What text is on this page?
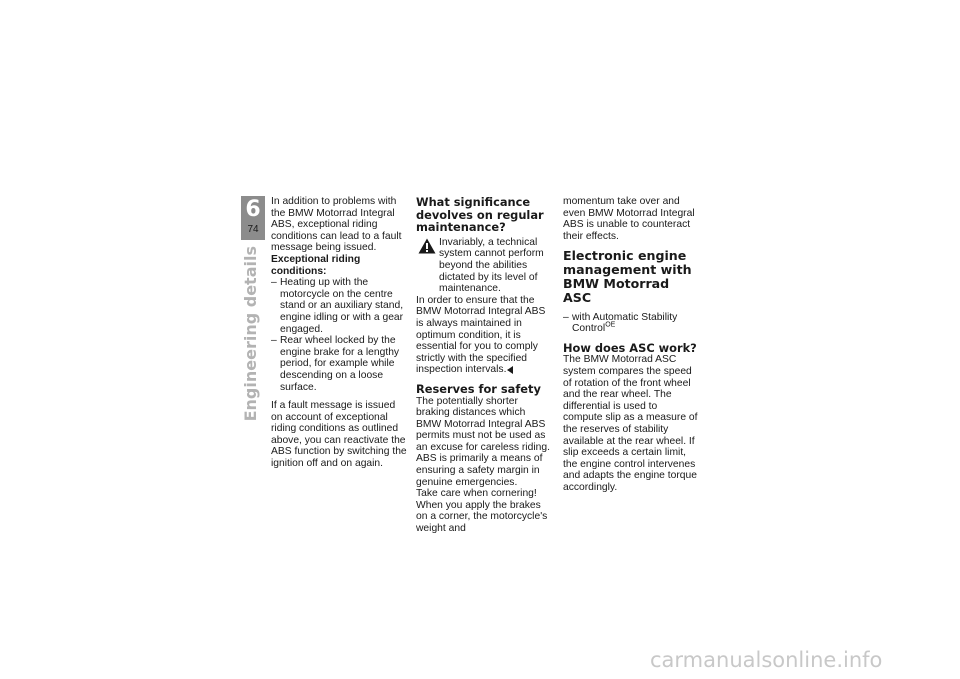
6
74
Engineering details

In addition to problems with the BMW Motorrad Integral ABS, exceptional riding conditions can lead to a fault message being issued.

Exceptional riding conditions:

– Heating up with the motorcycle on the centre stand or an auxiliary stand, engine idling or with a gear engaged.
– Rear wheel locked by the engine brake for a lengthy period, for example while descending on a loose surface.

If a fault message is issued on account of exceptional riding conditions as outlined above, you can reactivate the ABS function by switching the ignition off and on again.

What significance devolves on regular maintenance?
Invariably, a technical system cannot perform beyond the abilities dictated by its level of maintenance.

In order to ensure that the BMW Motorrad Integral ABS is always maintained in optimum condition, it is essential for you to comply strictly with the specified inspection intervals.

Reserves for safety

The potentially shorter braking distances which BMW Motorrad Integral ABS permits must not be used as an excuse for careless riding. ABS is primarily a means of ensuring a safety margin in genuine emergencies.

Take care when cornering! When you apply the brakes on a corner, the motorcycle's weight and

momentum take over and even BMW Motorrad Integral ABS is unable to counteract their effects.

Electronic engine management with BMW Motorrad ASC
– with Automatic Stability Control$^{OE}$
How does ASC work?

The BMW Motorrad ASC system compares the speed of rotation of the front wheel and the rear wheel. The differential is used to compute slip as a measure of the reserves of stability available at the rear wheel. If slip exceeds a certain limit, the engine control intervenes and adapts the engine torque accordingly.

carmanualsonline.info
